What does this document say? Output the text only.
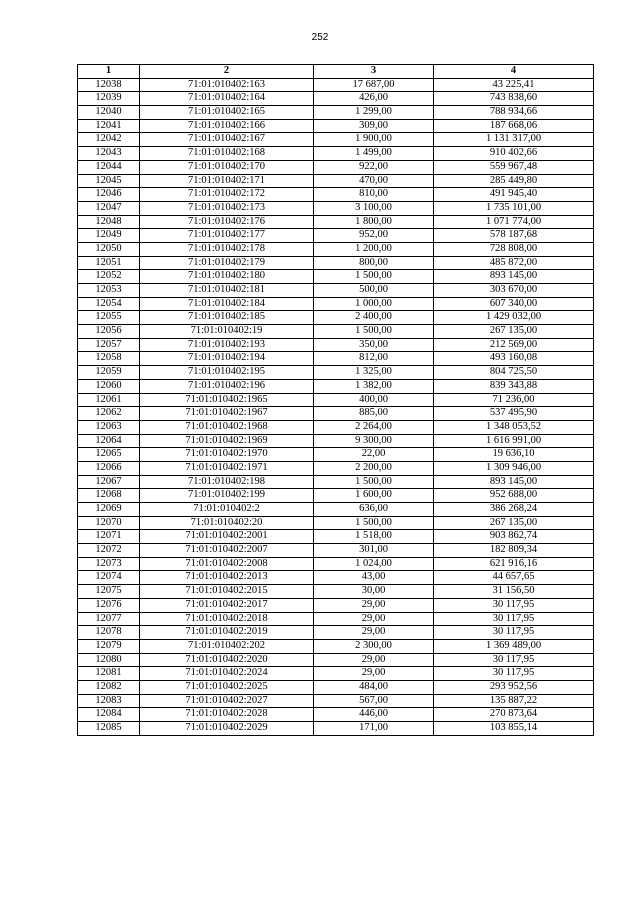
252
1	2	3	4
12038	71:01:010402:163	17 687,00	43 225,41
12039	71:01:010402:164	426,00	743 838,60
12040	71:01:010402:165	1 299,00	788 934,66
12041	71:01:010402:166	309,00	187 668,06
12042	71:01:010402:167	1 900,00	1 131 317,00
12043	71:01:010402:168	1 499,00	910 402,66
12044	71:01:010402:170	922,00	559 967,48
12045	71:01:010402:171	470,00	285 449,80
12046	71:01:010402:172	810,00	491 945,40
12047	71:01:010402:173	3 100,00	1 735 101,00
12048	71:01:010402:176	1 800,00	1 071 774,00
12049	71:01:010402:177	952,00	578 187,68
12050	71:01:010402:178	1 200,00	728 808,00
12051	71:01:010402:179	800,00	485 872,00
12052	71:01:010402:180	1 500,00	893 145,00
12053	71:01:010402:181	500,00	303 670,00
12054	71:01:010402:184	1 000,00	607 340,00
12055	71:01:010402:185	2 400,00	1 429 032,00
12056	71:01:010402:19	1 500,00	267 135,00
12057	71:01:010402:193	350,00	212 569,00
12058	71:01:010402:194	812,00	493 160,08
12059	71:01:010402:195	1 325,00	804 725,50
12060	71:01:010402:196	1 382,00	839 343,88
12061	71:01:010402:1965	400,00	71 236,00
12062	71:01:010402:1967	885,00	537 495,90
12063	71:01:010402:1968	2 264,00	1 348 053,52
12064	71:01:010402:1969	9 300,00	1 616 991,00
12065	71:01:010402:1970	22,00	19 636,10
12066	71:01:010402:1971	2 200,00	1 309 946,00
12067	71:01:010402:198	1 500,00	893 145,00
12068	71:01:010402:199	1 600,00	952 688,00
12069	71:01:010402:2	636,00	386 268,24
12070	71:01:010402:20	1 500,00	267 135,00
12071	71:01:010402:2001	1 518,00	903 862,74
12072	71:01:010402:2007	301,00	182 809,34
12073	71:01:010402:2008	1 024,00	621 916,16
12074	71:01:010402:2013	43,00	44 657,65
12075	71:01:010402:2015	30,00	31 156,50
12076	71:01:010402:2017	29,00	30 117,95
12077	71:01:010402:2018	29,00	30 117,95
12078	71:01:010402:2019	29,00	30 117,95
12079	71:01:010402:202	2 300,00	1 369 489,00
12080	71:01:010402:2020	29,00	30 117,95
12081	71:01:010402:2024	29,00	30 117,95
12082	71:01:010402:2025	484,00	293 952,56
12083	71:01:010402:2027	567,00	135 887,22
12084	71:01:010402:2028	446,00	270 873,64
12085	71:01:010402:2029	171,00	103 855,14
